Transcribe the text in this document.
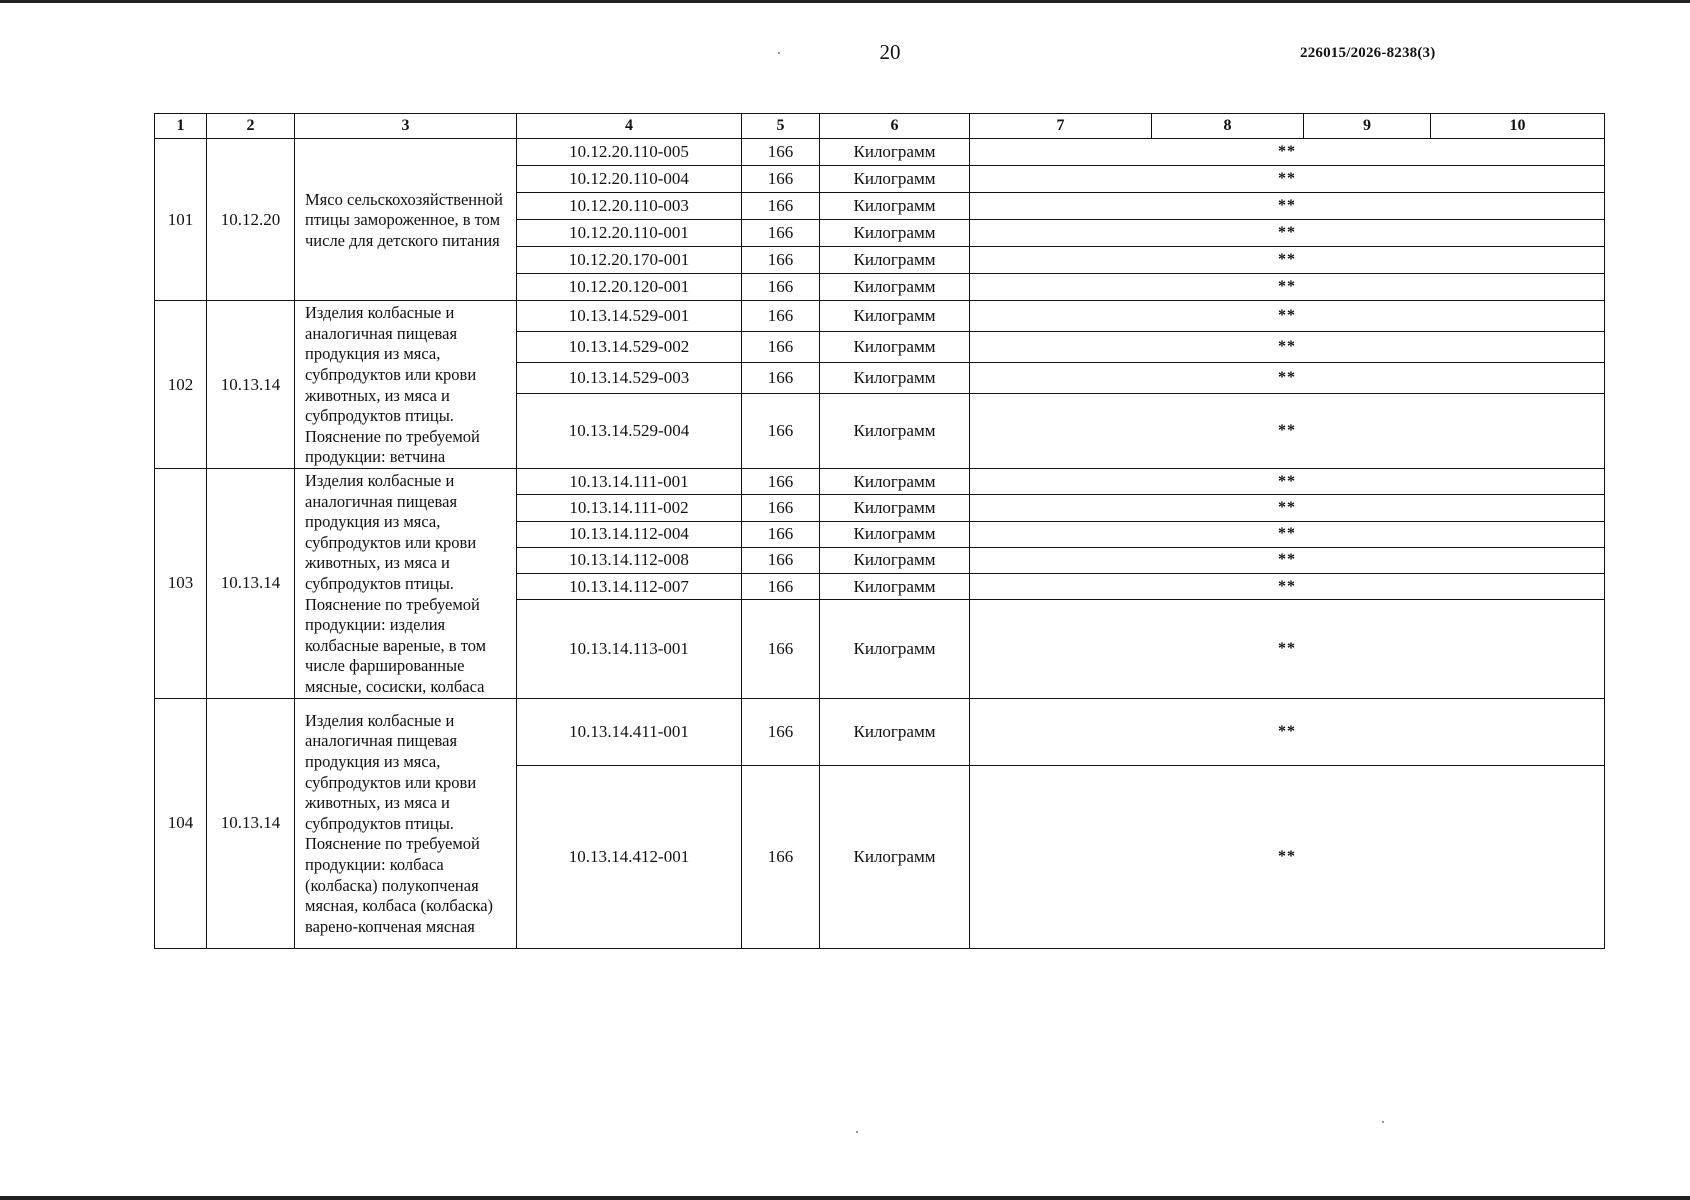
20	226015/2026-8238(3)
1	2	3	4	5	6	7	8	9	10
101	10.12.20	Мясо сельскохозяйственной птицы замороженное, в том числе для детского питания	10.12.20.110-005	166	Килограмм	**			
			10.12.20.110-004	166	Килограмм	**			
			10.12.20.110-003	166	Килограмм	**			
			10.12.20.110-001	166	Килограмм	**			
			10.12.20.170-001	166	Килограмм	**			
			10.12.20.120-001	166	Килограмм	**			
102	10.13.14	Изделия колбасные и аналогичная пищевая продукция из мяса, субпродуктов или крови животных, из мяса и субпродуктов птицы. Пояснение по требуемой продукции: ветчина	10.13.14.529-001	166	Килограмм	**			
			10.13.14.529-002	166	Килограмм	**			
			10.13.14.529-003	166	Килограмм	**			
			10.13.14.529-004	166	Килограмм	**			
103	10.13.14	Изделия колбасные и аналогичная пищевая продукция из мяса, субпродуктов или крови животных, из мяса и субпродуктов птицы. Пояснение по требуемой продукции: изделия колбасные вареные, в том числе фаршированные мясные, сосиски, колбаса	10.13.14.111-001	166	Килограмм	**			
			10.13.14.111-002	166	Килограмм	**			
			10.13.14.112-004	166	Килограмм	**			
			10.13.14.112-008	166	Килограмм	**			
			10.13.14.112-007	166	Килограмм	**			
			10.13.14.113-001	166	Килограмм	**			
104	10.13.14	Изделия колбасные и аналогичная пищевая продукция из мяса, субпродуктов или крови животных, из мяса и субпродуктов птицы. Пояснение по требуемой продукции: колбаса (колбаска) полукопченая мясная, колбаса (колбаска) варено-копченая мясная	10.13.14.411-001	166	Килограмм	**			
			10.13.14.412-001	166	Килограмм	**			
